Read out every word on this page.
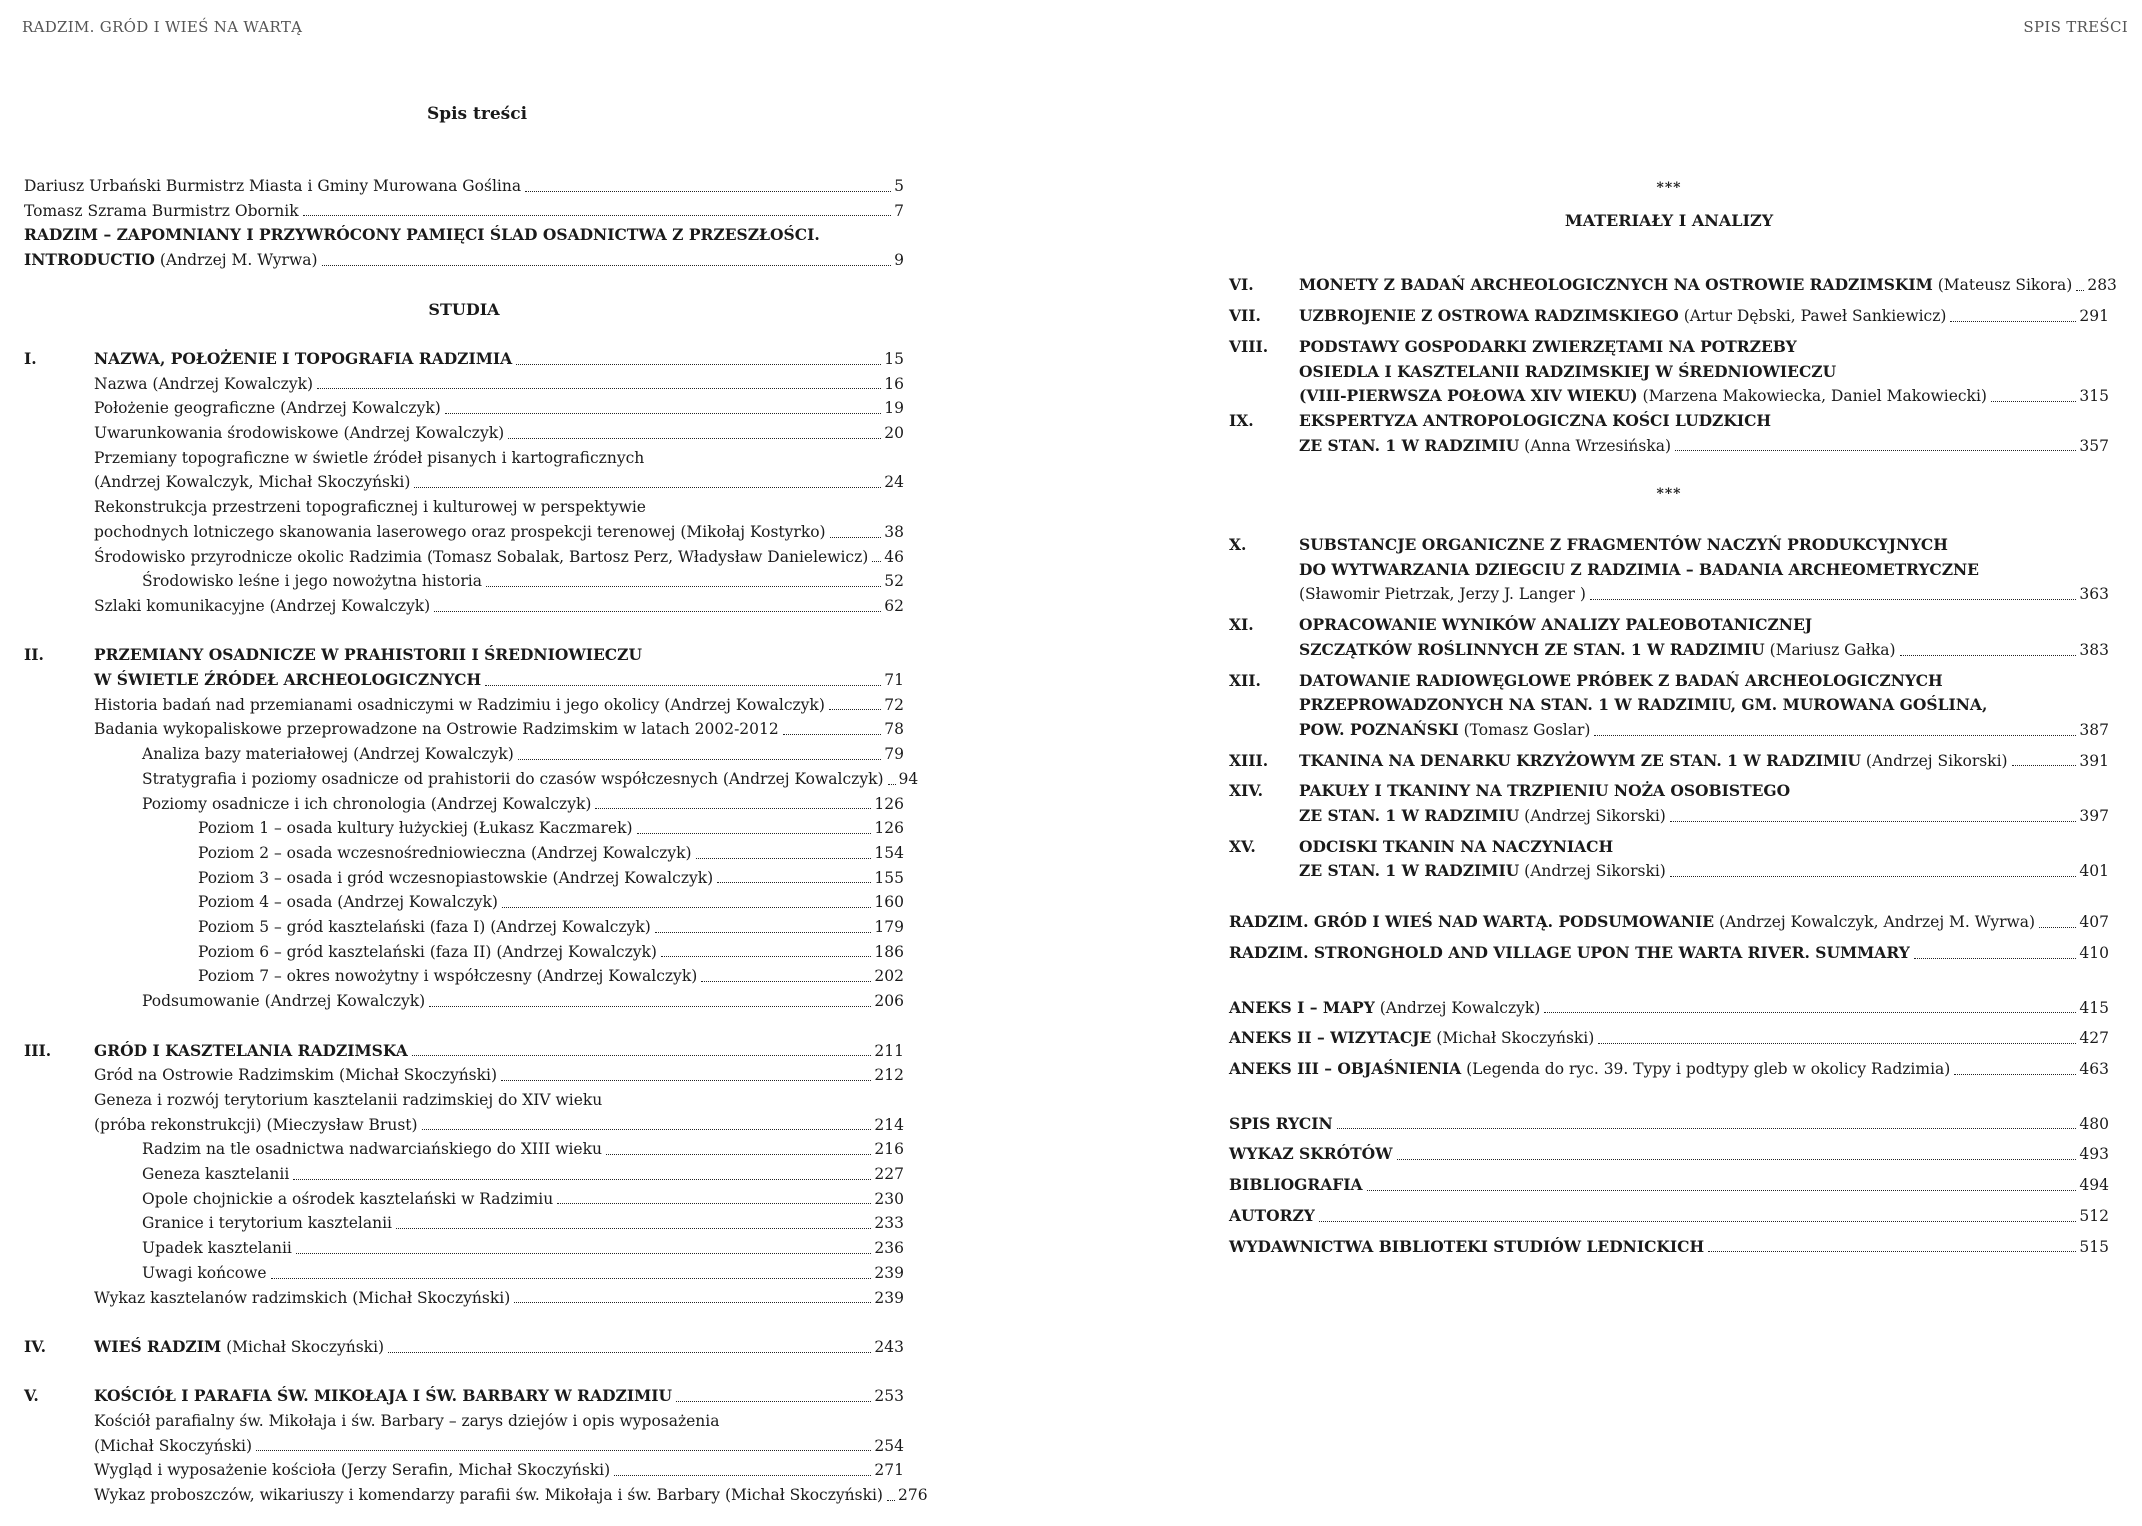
RADZIM. GRÓD I WIEŚ NA WARTĄ	SPIS TREŚCI
Spis treści
Dariusz Urbański Burmistrz Miasta i Gminy Murowana Goślina	5
Tomasz Szrama Burmistrz Obornik	7
RADZIM – ZAPOMNIANY I PRZYWRÓCONY PAMIĘCI ŚLAD OSADNICTWA Z PRZESZŁOŚCI.
INTRODUCTIO (Andrzej M. Wyrwa)	9
STUDIA
I.	NAZWA, POŁOŻENIE I TOPOGRAFIA RADZIMIA	15
Nazwa (Andrzej Kowalczyk)	16
Położenie geograficzne (Andrzej Kowalczyk)	19
Uwarunkowania środowiskowe (Andrzej Kowalczyk)	20
Przemiany topograficzne w świetle źródeł pisanych i kartograficznych
(Andrzej Kowalczyk, Michał Skoczyński)	24
Rekonstrukcja przestrzeni topograficznej i kulturowej w perspektywie
pochodnych lotniczego skanowania laserowego oraz prospekcji terenowej (Mikołaj Kostyrko)	38
Środowisko przyrodnicze okolic Radzimia (Tomasz Sobalak, Bartosz Perz, Władysław Danielewicz) 46
Środowisko leśne i jego nowożytna historia	52
Szlaki komunikacyjne (Andrzej Kowalczyk)	62
II.	PRZEMIANY OSADNICZE W PRAHISTORII I ŚREDNIOWIECZU
W ŚWIETLE ŹRÓDEŁ ARCHEOLOGICZNYCH	71
Historia badań nad przemianami osadniczymi w Radzimiu i jego okolicy (Andrzej Kowalczyk)	72
Badania wykopaliskowe przeprowadzone na Ostrowie Radzimskim w latach 2002-2012	78
Analiza bazy materiałowej (Andrzej Kowalczyk)	79
Stratygrafia i poziomy osadnicze od prahistorii do czasów współczesnych (Andrzej Kowalczyk) 94
Poziomy osadnicze i ich chronologia (Andrzej Kowalczyk)	126
Poziom 1 – osada kultury łużyckiej (Łukasz Kaczmarek)	126
Poziom 2 – osada wczesnośredniowieczna (Andrzej Kowalczyk)	154
Poziom 3 – osada i gród wczesnopiastowskie (Andrzej Kowalczyk)	155
Poziom 4 – osada (Andrzej Kowalczyk)	160
Poziom 5 – gród kasztelański (faza I) (Andrzej Kowalczyk)	179
Poziom 6 – gród kasztelański (faza II) (Andrzej Kowalczyk)	186
Poziom 7 – okres nowożytny i współczesny (Andrzej Kowalczyk)	202
Podsumowanie (Andrzej Kowalczyk)	206
III.	GRÓD I KASZTELANIA RADZIMSKA	211
Gród na Ostrowie Radzimskim (Michał Skoczyński)	212
Geneza i rozwój terytorium kasztelanii radzimskiej do XIV wieku
(próba rekonstrukcji) (Mieczysław Brust)	214
Radzim na tle osadnictwa nadwarciańskiego do XIII wieku	216
Geneza kasztelanii	227
Opole chojnickie a ośrodek kasztelański w Radzimiu	230
Granice i terytorium kasztelanii	233
Upadek kasztelanii	236
Uwagi końcowe	239
Wykaz kasztelanów radzimskich (Michał Skoczyński)	239
IV.	WIEŚ RADZIM (Michał Skoczyński)	243
V.	KOŚCIÓŁ I PARAFIA ŚW. MIKOŁAJA I ŚW. BARBARY W RADZIMIU	253
Kościół parafialny św. Mikołaja i św. Barbary – zarys dziejów i opis wyposażenia
(Michał Skoczyński)	254
Wygląd i wyposażenie kościoła (Jerzy Serafin, Michał Skoczyński)	271
Wykaz proboszczów, wikariuszy i komendarzy parafii św. Mikołaja i św. Barbary (Michał Skoczyński) 276
***
MATERIAŁY I ANALIZY
VI.	MONETY Z BADAŃ ARCHEOLOGICZNYCH NA OSTROWIE RADZIMSKIM (Mateusz Sikora) 283
VII.	UZBROJENIE Z OSTROWA RADZIMSKIEGO (Artur Dębski, Paweł Sankiewicz)	291
VIII.	PODSTAWY GOSPODARKI ZWIERZĘTAMI NA POTRZEBY
OSIEDLA I KASZTELANII RADZIMSKIEJ W ŚREDNIOWIECZU
(VIII-PIERWSZA POŁOWA XIV WIEKU) (Marzena Makowiecka, Daniel Makowiecki)	315
IX.	EKSPERTYZA ANTROPOLOGICZNA KOŚCI LUDZKICH
ZE STAN. 1 W RADZIMIU (Anna Wrzesińska)	357
***
X.	SUBSTANCJE ORGANICZNE Z FRAGMENTÓW NACZYŃ PRODUKCYJNYCH
DO WYTWARZANIA DZIEGCIU Z RADZIMIA – BADANIA ARCHEOMETRYCZNE
(Sławomir Pietrzak, Jerzy J. Langer )	363
XI.	OPRACOWANIE WYNIKÓW ANALIZY PALEOBOTANICZNEJ
SZCZĄTKÓW ROŚLINNYCH ZE STAN. 1 W RADZIMIU (Mariusz Gałka)	383
XII.	DATOWANIE RADIOWĘGLOWE PRÓBEK Z BADAŃ ARCHEOLOGICZNYCH
PRZEPROWADZONYCH NA STAN. 1 W RADZIMIU, GM. MUROWANA GOŚLINA,
POW. POZNAŃSKI (Tomasz Goslar)	387
XIII.	TKANINA NA DENARKU KRZYŻOWYM ZE STAN. 1 W RADZIMIU (Andrzej Sikorski)	391
XIV.	PAKUŁY I TKANINY NA TRZPIENIU NOŻA OSOBISTEGO
ZE STAN. 1 W RADZIMIU (Andrzej Sikorski)	397
XV.	ODCISKI TKANIN NA NACZYNIACH
ZE STAN. 1 W RADZIMIU (Andrzej Sikorski)	401
RADZIM. GRÓD I WIEŚ NAD WARTĄ. PODSUMOWANIE (Andrzej Kowalczyk, Andrzej M. Wyrwa)	407
RADZIM. STRONGHOLD AND VILLAGE UPON THE WARTA RIVER. SUMMARY	410
ANEKS I – MAPY (Andrzej Kowalczyk)	415
ANEKS II – WIZYTACJE (Michał Skoczyński)	427
ANEKS III – OBJAŚNIENIA (Legenda do ryc. 39. Typy i podtypy gleb w okolicy Radzimia)	463
SPIS RYCIN	480
WYKAZ SKRÓTÓW	493
BIBLIOGRAFIA	494
AUTORZY	512
WYDAWNICTWA BIBLIOTEKI STUDIÓW LEDNICKICH	515
